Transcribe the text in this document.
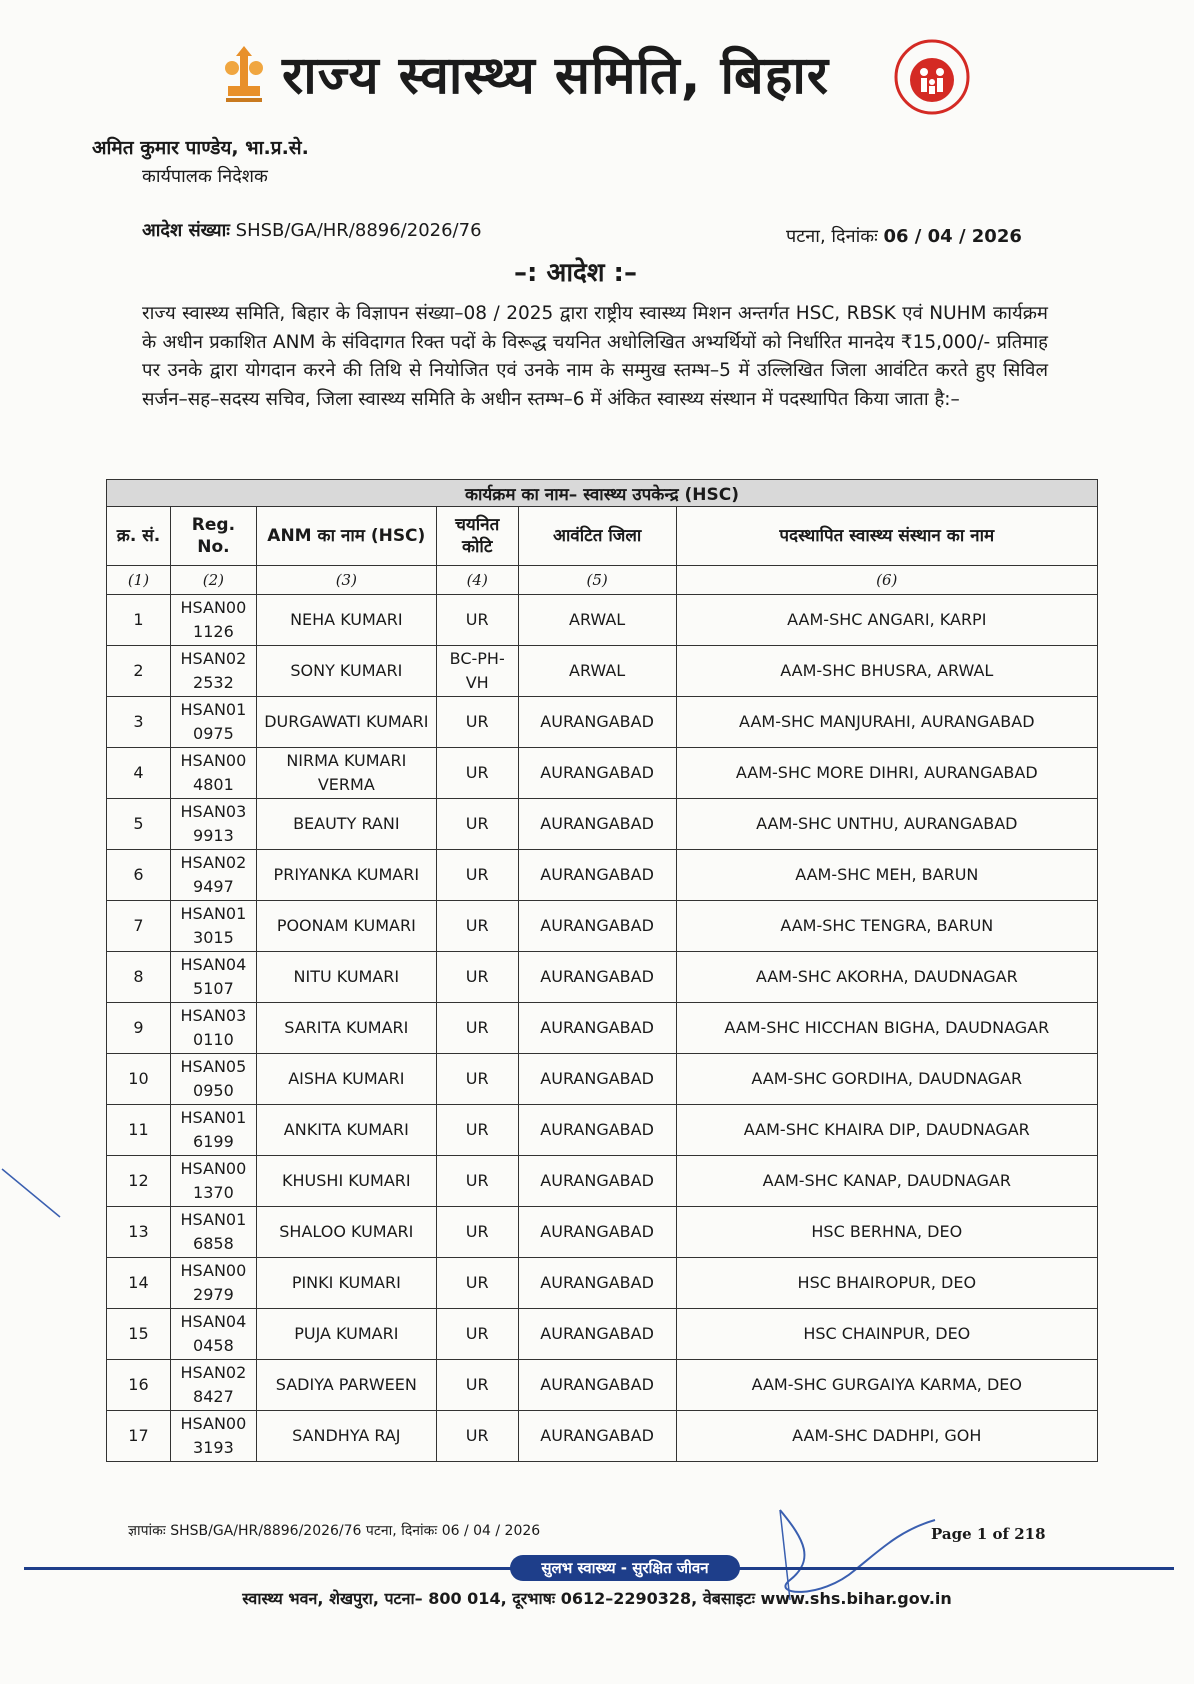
राज्य स्वास्थ्य समिति, बिहार
अमित कुमार पाण्डेय, भा.प्र.से.
कार्यपालक निदेशक
आदेश संख्याः SHSB/GA/HR/8896/2026/76	पटना, दिनांकः 06 / 04 / 2026
–: आदेश :–
राज्य स्वास्थ्य समिति, बिहार के विज्ञापन संख्या–08 / 2025 द्वारा राष्ट्रीय स्वास्थ्य मिशन अन्तर्गत HSC, RBSK एवं NUHM कार्यक्रम के अधीन प्रकाशित ANM के संविदागत रिक्त पदों के विरूद्ध चयनित अधोलिखित अभ्यर्थियों को निर्धारित मानदेय ₹15,000/- प्रतिमाह पर उनके द्वारा योगदान करने की तिथि से नियोजित एवं उनके नाम के सम्मुख स्तम्भ–5 में उल्लिखित जिला आवंटित करते हुए सिविल सर्जन–सह–सदस्य सचिव, जिला स्वास्थ्य समिति के अधीन स्तम्भ–6 में अंकित स्वास्थ्य संस्थान में पदस्थापित किया जाता है:–
कार्यक्रम का नाम– स्वास्थ्य उपकेन्द्र (HSC)					
क्र. सं.	Reg. No.	ANM का नाम (HSC)	चयनित कोटि	आवंटित जिला	पदस्थापित स्वास्थ्य संस्थान का नाम
(1)	(2)	(3)	(4)	(5)	(6)
1	HSAN00 1126	NEHA KUMARI	UR	ARWAL	AAM-SHC ANGARI, KARPI
2	HSAN02 2532	SONY KUMARI	BC-PH-VH	ARWAL	AAM-SHC BHUSRA, ARWAL
3	HSAN01 0975	DURGAWATI KUMARI	UR	AURANGABAD	AAM-SHC MANJURAHI, AURANGABAD
4	HSAN00 4801	NIRMA KUMARI VERMA	UR	AURANGABAD	AAM-SHC MORE DIHRI, AURANGABAD
5	HSAN03 9913	BEAUTY RANI	UR	AURANGABAD	AAM-SHC UNTHU, AURANGABAD
6	HSAN02 9497	PRIYANKA KUMARI	UR	AURANGABAD	AAM-SHC MEH, BARUN
7	HSAN01 3015	POONAM KUMARI	UR	AURANGABAD	AAM-SHC TENGRA, BARUN
8	HSAN04 5107	NITU KUMARI	UR	AURANGABAD	AAM-SHC AKORHA, DAUDNAGAR
9	HSAN03 0110	SARITA KUMARI	UR	AURANGABAD	AAM-SHC HICCHAN BIGHA, DAUDNAGAR
10	HSAN05 0950	AISHA KUMARI	UR	AURANGABAD	AAM-SHC GORDIHA, DAUDNAGAR
11	HSAN01 6199	ANKITA KUMARI	UR	AURANGABAD	AAM-SHC KHAIRA DIP, DAUDNAGAR
12	HSAN00 1370	KHUSHI KUMARI	UR	AURANGABAD	AAM-SHC KANAP, DAUDNAGAR
13	HSAN01 6858	SHALOO KUMARI	UR	AURANGABAD	HSC BERHNA, DEO
14	HSAN00 2979	PINKI KUMARI	UR	AURANGABAD	HSC BHAIROPUR, DEO
15	HSAN04 0458	PUJA KUMARI	UR	AURANGABAD	HSC CHAINPUR, DEO
16	HSAN02 8427	SADIYA PARWEEN	UR	AURANGABAD	AAM-SHC GURGAIYA KARMA, DEO
17	HSAN00 3193	SANDHYA RAJ	UR	AURANGABAD	AAM-SHC DADHPI, GOH
ज्ञापांकः SHSB/GA/HR/8896/2026/76 पटना, दिनांकः 06 / 04 / 2026	Page 1 of 218
सुलभ स्वास्थ्य - सुरक्षित जीवन
स्वास्थ्य भवन, शेखपुरा, पटना– 800 014, दूरभाषः 0612–2290328, वेबसाइटः www.shs.bihar.gov.in
